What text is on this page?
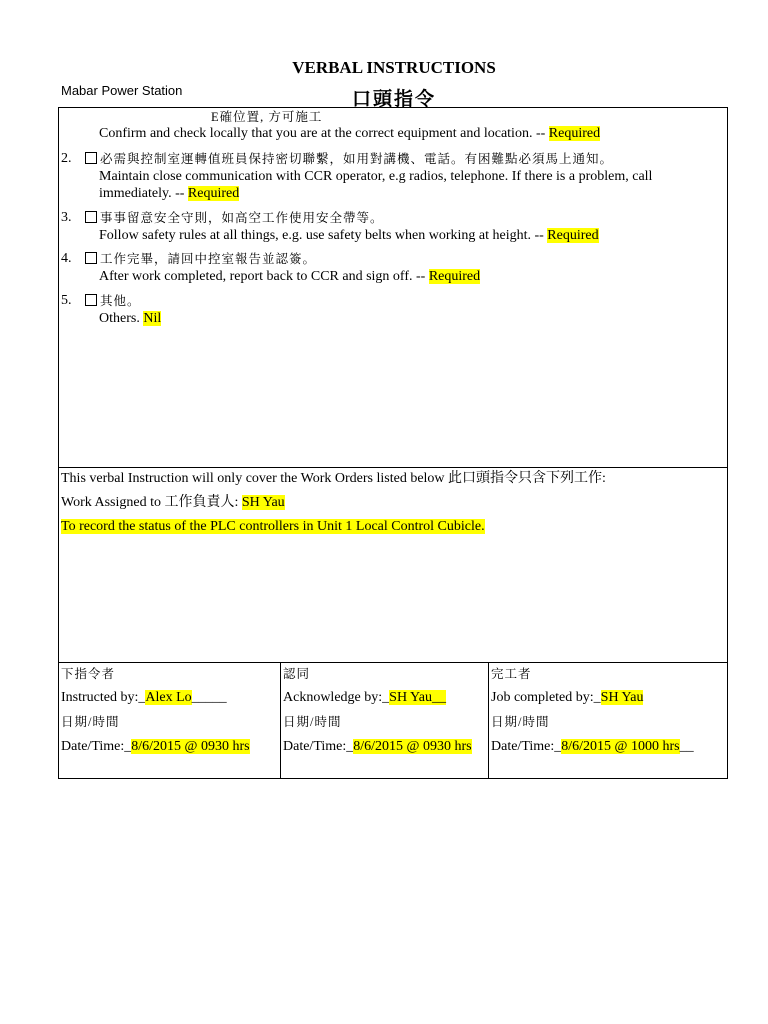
VERBAL INSTRUCTIONS
Mabar Power Station	口頭指令
E確位置, 方可施工
Confirm and check locally that you are at the correct equipment and location. -- Required
2.	必需與控制室運轉值班員保持密切聯繫，如用對講機、電話。有困難點必須馬上通知。
Maintain close communication with CCR operator, e.g radios, telephone. If there is a problem, call
immediately. -- Required
3.	事事留意安全守則，如高空工作使用安全帶等。
Follow safety rules at all things, e.g. use safety belts when working at height. -- Required
4.	工作完畢，請回中控室報告並認簽。
After work completed, report back to CCR and sign off. -- Required
5.	其他。
Others. Nil
This verbal Instruction will only cover the Work Orders listed below 此口頭指令只含下列工作:
Work Assigned to 工作負責人: SH Yau
To record the status of the PLC controllers in Unit 1 Local Control Cubicle.
下指令者
Instructed by:_Alex Lo_____
日期/時間
Date/Time:_8/6/2015 @ 0930 hrs
認同
Acknowledge by:_SH Yau__
日期/時間
Date/Time:_8/6/2015 @ 0930 hrs
完工者
Job completed by:_SH Yau
日期/時間
Date/Time:_8/6/2015 @ 1000 hrs__
